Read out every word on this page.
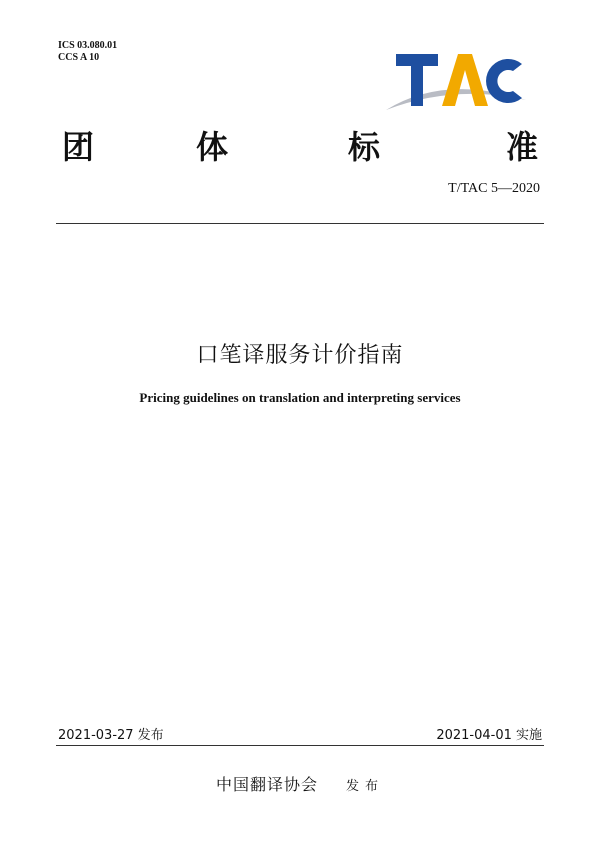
ICS 03.080.01
CCS A 10
团	体	标	准
T/TAC 5—2020
口笔译服务计价指南
Pricing guidelines on translation and interpreting services
2021-03-27 发布	2021-04-01 实施
中国翻译协会 发布
